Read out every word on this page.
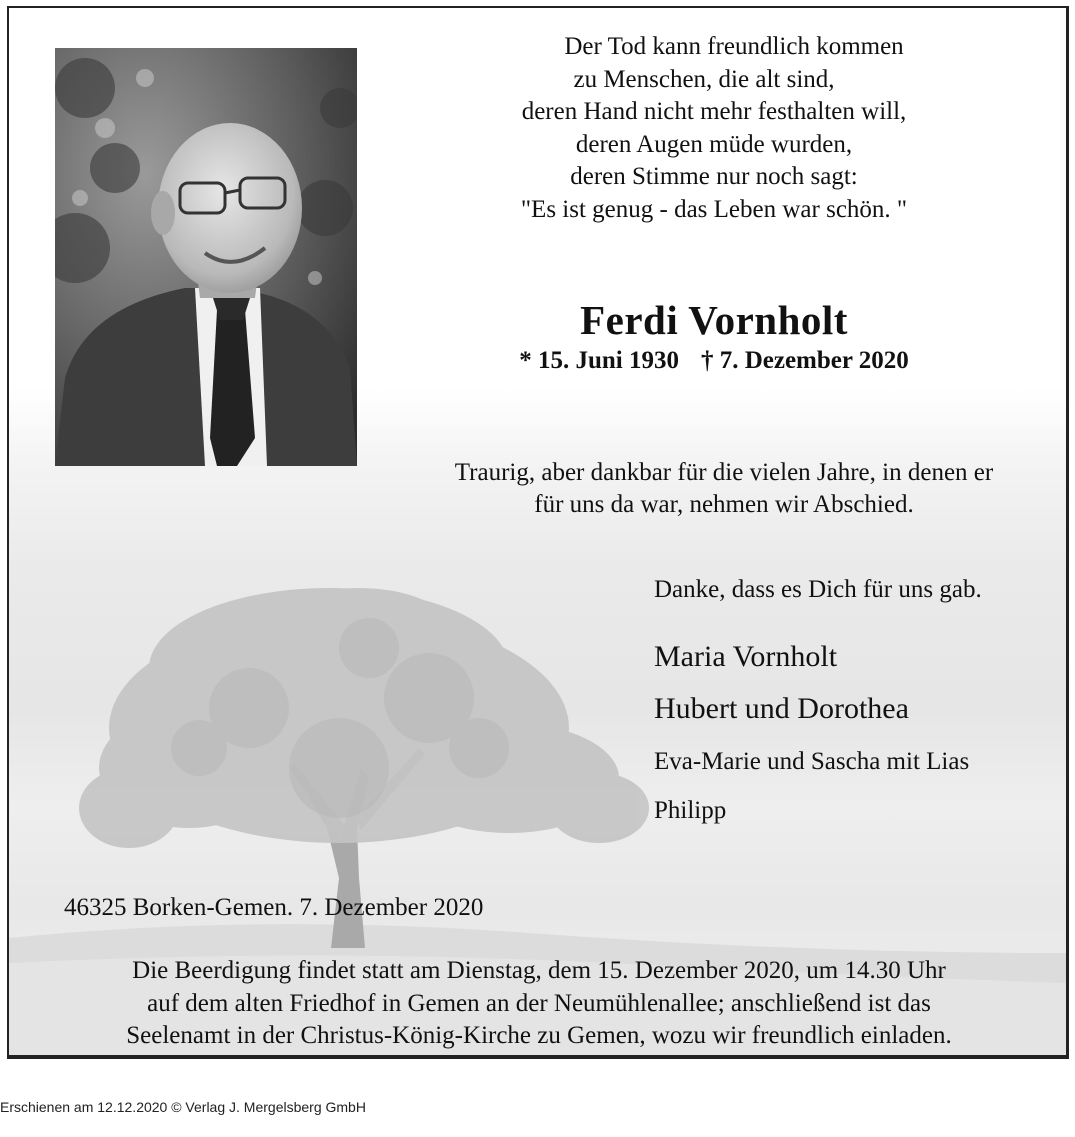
Der Tod kann freundlich kommen
zu Menschen, die alt sind,
deren Hand nicht mehr festhalten will,
deren Augen müde wurden,
deren Stimme nur noch sagt:
"Es ist genug - das Leben war schön. "
Ferdi Vornholt
* 15. Juni 1930 † 7. Dezember 2020
Traurig, aber dankbar für die vielen Jahre, in denen er
für uns da war, nehmen wir Abschied.
Danke, dass es Dich für uns gab.
Maria Vornholt
Hubert und Dorothea
Eva-Marie und Sascha mit Lias
Philipp
46325 Borken-Gemen. 7. Dezember 2020
Die Beerdigung findet statt am Dienstag, dem 15. Dezember 2020, um 14.30 Uhr
auf dem alten Friedhof in Gemen an der Neumühlenallee; anschließend ist das
Seelenamt in der Christus-König-Kirche zu Gemen, wozu wir freundlich einladen.
Erschienen am 12.12.2020 © Verlag J. Mergelsberg GmbH
